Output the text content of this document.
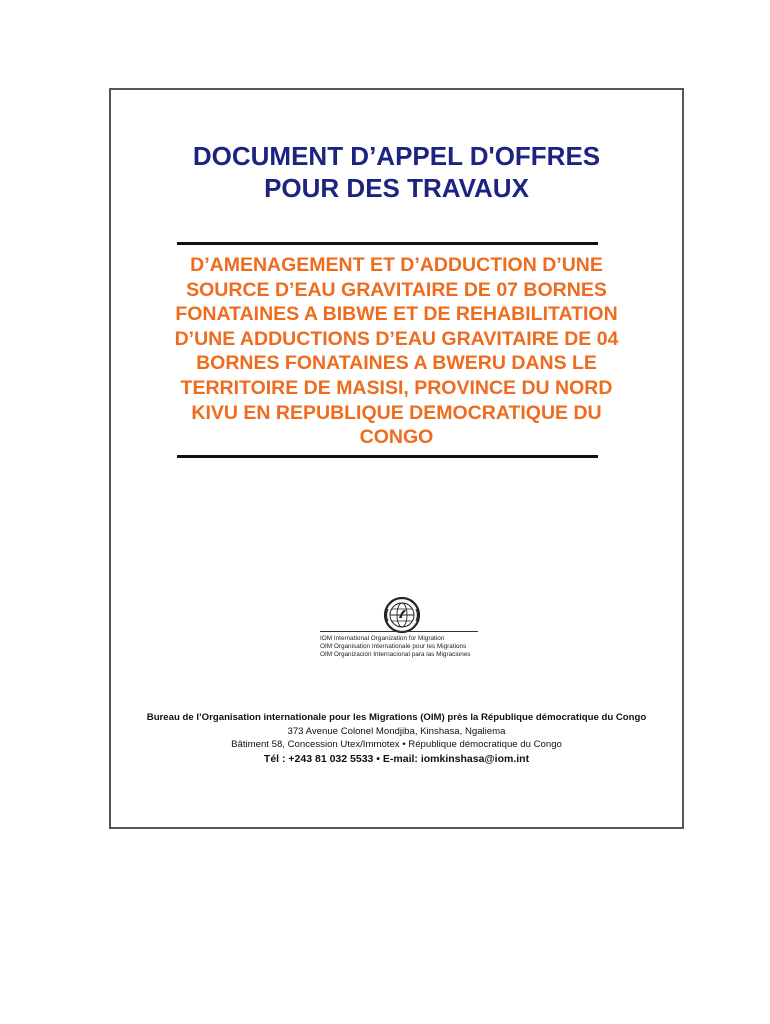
DOCUMENT D’APPEL D'OFFRES
POUR DES TRAVAUX
D’AMENAGEMENT ET D’ADDUCTION D’UNE
SOURCE D’EAU GRAVITAIRE DE 07 BORNES
FONATAINES A BIBWE ET DE REHABILITATION
D’UNE ADDUCTIONS D’EAU GRAVITAIRE DE 04
BORNES FONATAINES A BWERU DANS LE
TERRITOIRE DE MASISI, PROVINCE DU NORD
KIVU EN REPUBLIQUE DEMOCRATIQUE DU
CONGO
IOM International Organization for Migration
OIM Organisation Internationale pour les Migrations
OIM Organización Internacional para las Migraciones
Bureau de l’Organisation internationale pour les Migrations (OIM) près la République démocratique du Congo
373 Avenue Colonel Mondjiba, Kinshasa, Ngaliema
Bâtiment 58, Concession Utex/Immotex • République démocratique du Congo
Tél : +243 81 032 5533 • E-mail: iomkinshasa@iom.int
